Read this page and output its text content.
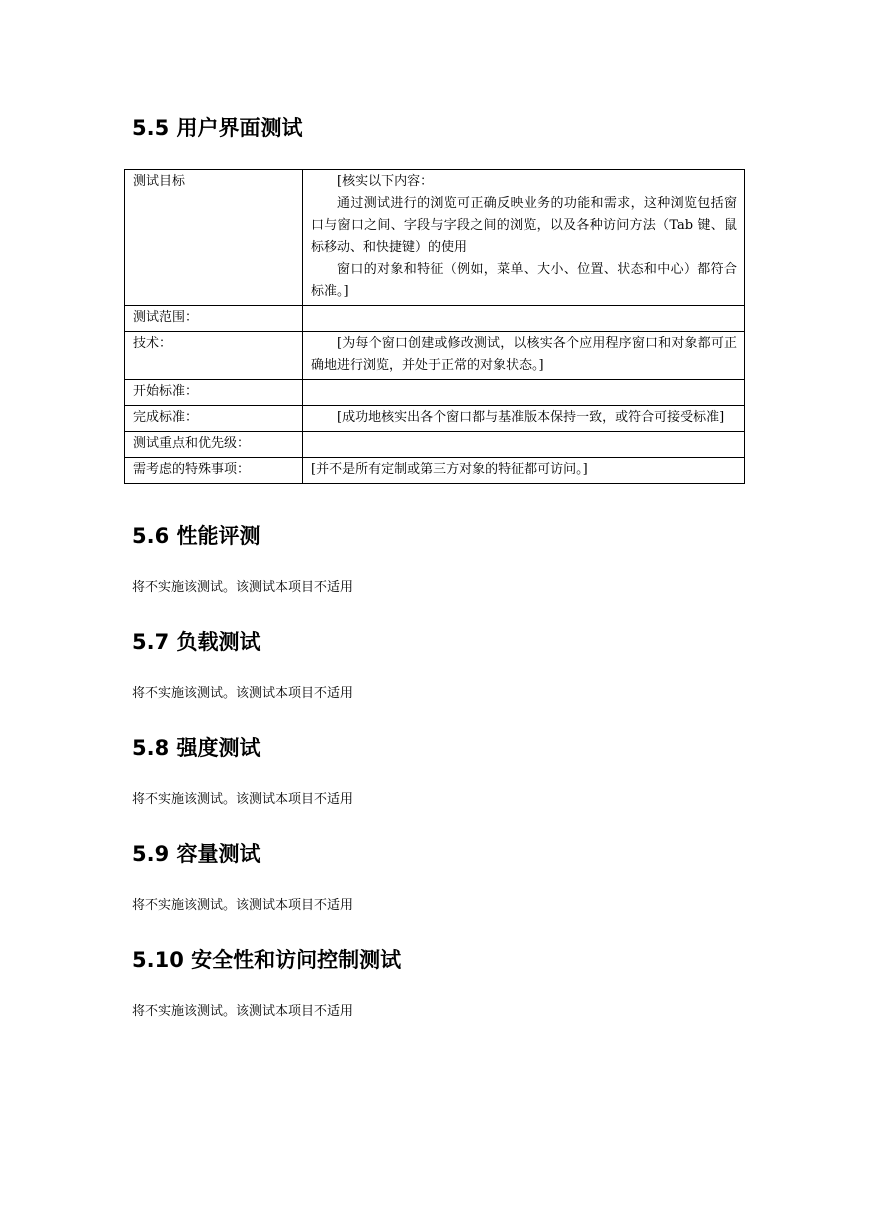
5.5 用户界面测试
测试目标	[核实以下内容：

通过测试进行的浏览可正确反映业务的功能和需求，这种浏览包括窗口与窗口之间、字段与字段之间的浏览，以及各种访问方法（Tab 键、鼠标移动、和快捷键）的使用

窗口的对象和特征（例如，菜单、大小、位置、状态和中心）都符合标准。]

测试范围：	
技术：	[为每个窗口创建或修改测试，以核实各个应用程序窗口和对象都可正确地进行浏览，并处于正常的对象状态。]

开始标准：	
完成标准：	[成功地核实出各个窗口都与基准版本保持一致，或符合可接受标准]

测试重点和优先级：	
需考虑的特殊事项：	[并不是所有定制或第三方对象的特征都可访问。]

5.6 性能评测

将不实施该测试。该测试本项目不适用

5.7 负载测试

将不实施该测试。该测试本项目不适用

5.8 强度测试

将不实施该测试。该测试本项目不适用

5.9 容量测试

将不实施该测试。该测试本项目不适用

5.10 安全性和访问控制测试

将不实施该测试。该测试本项目不适用
